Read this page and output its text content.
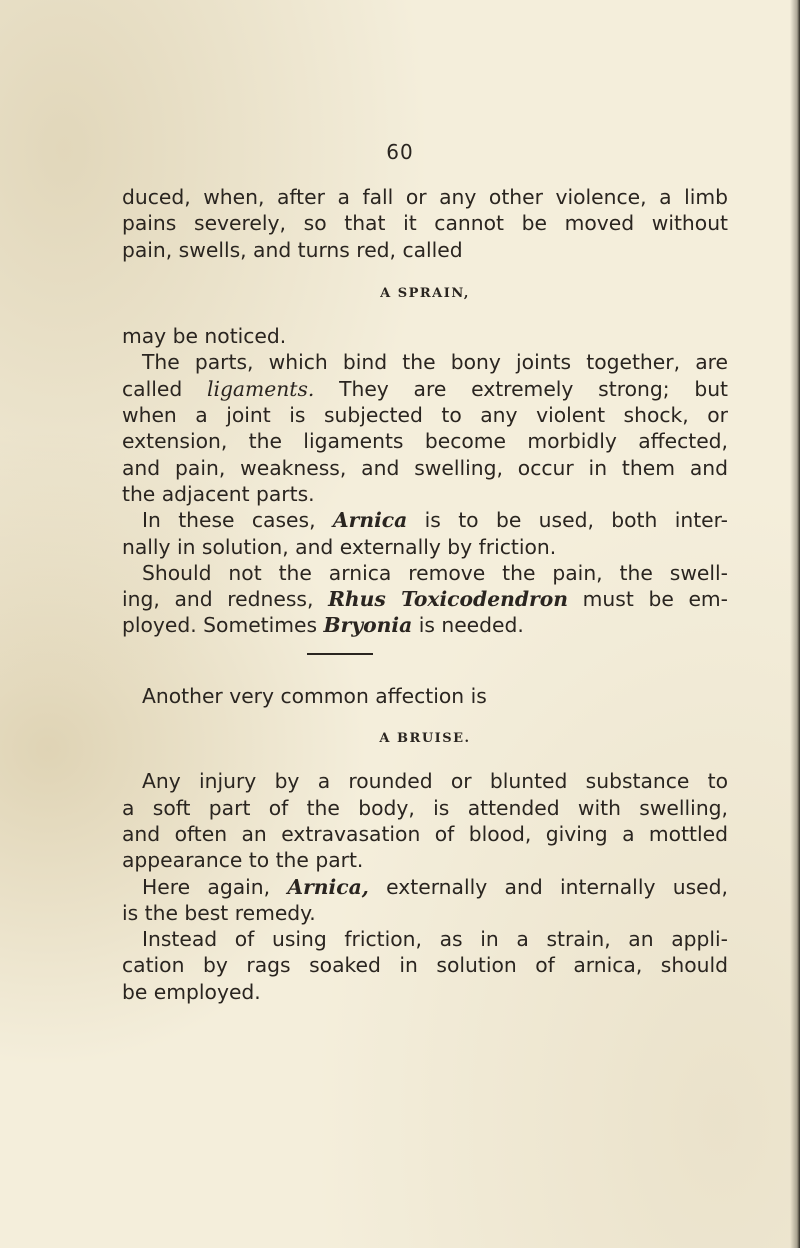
60
duced, when, after a fall or any other violence, a limb
pains severely, so that it cannot be moved without
pain, swells, and turns red, called
A SPRAIN,
may be noticed.
The parts, which bind the bony joints together, are
called ligaments. They are extremely strong; but
when a joint is subjected to any violent shock, or
extension, the ligaments become morbidly affected,
and pain, weakness, and swelling, occur in them and
the adjacent parts.
In these cases, Arnica is to be used, both inter-
nally in solution, and externally by friction.
Should not the arnica remove the pain, the swell-
ing, and redness, Rhus Toxicodendron must be em-
ployed. Sometimes Bryonia is needed.
Another very common affection is
A BRUISE.
Any injury by a rounded or blunted substance to
a soft part of the body, is attended with swelling,
and often an extravasation of blood, giving a mottled
appearance to the part.
Here again, Arnica, externally and internally used,
is the best remedy.
Instead of using friction, as in a strain, an appli-
cation by rags soaked in solution of arnica, should
be employed.
